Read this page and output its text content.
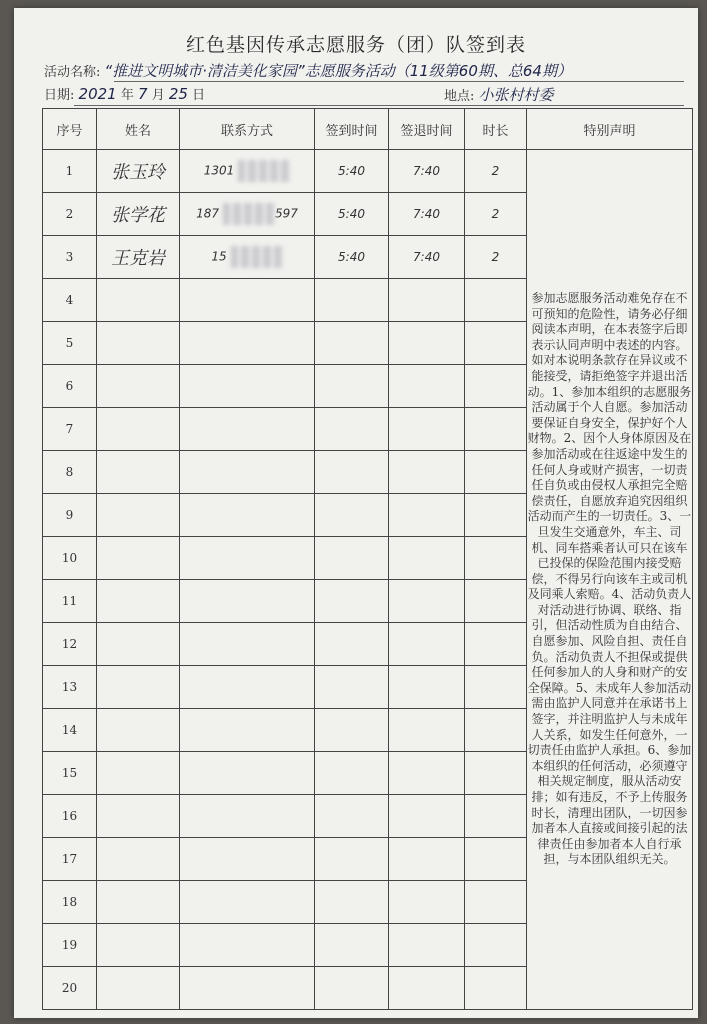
红色基因传承志愿服务（团）队签到表
活动名称: “推进文明城市·清洁美化家园”志愿服务活动（11级第60期、总64期）
日期: 2021 年 7 月 25 日	地点: 小张村村委
序号	姓名	联系方式	签到时间	签退时间	时长	特别声明
1	张玉玲	1301	5:40	7:40	2	参加志愿服务活动难免存在不可预知的危险性，请务必仔细阅读本声明，在本表签字后即表示认同声明中表述的内容。如对本说明条款存在异议或不能接受，请拒绝签字并退出活动。1、参加本组织的志愿服务活动属于个人自愿。参加活动要保证自身安全，保护好个人财物。2、因个人身体原因及在参加活动或在往返途中发生的任何人身或财产损害，一切责任自负或由侵权人承担完全赔偿责任，自愿放弃追究因组织活动而产生的一切责任。3、一旦发生交通意外，车主、司机、同车搭乘者认可只在该车已投保的保险范围内接受赔偿，不得另行向该车主或司机及同乘人索赔。4、活动负责人对活动进行协调、联络、指引，但活动性质为自由结合、自愿参加、风险自担、责任自负。活动负责人不担保或提供任何参加人的人身和财产的安全保障。5、未成年人参加活动需由监护人同意并在承诺书上签字，并注明监护人与未成年人关系，如发生任何意外，一切责任由监护人承担。6、参加本组织的任何活动，必须遵守相关规定制度，服从活动安排；如有违反，不予上传服务时长，清理出团队，一切因参加者本人直接或间接引起的法律责任由参加者本人自行承担，与本团队组织无关。

2	张学花	187 597	5:40	7:40	2	
3	王克岩	15	5:40	7:40	2	
4						
5						
6						
7						
8						
9						
10						
11						
12						
13						
14						
15						
16						
17						
18						
19						
20						
